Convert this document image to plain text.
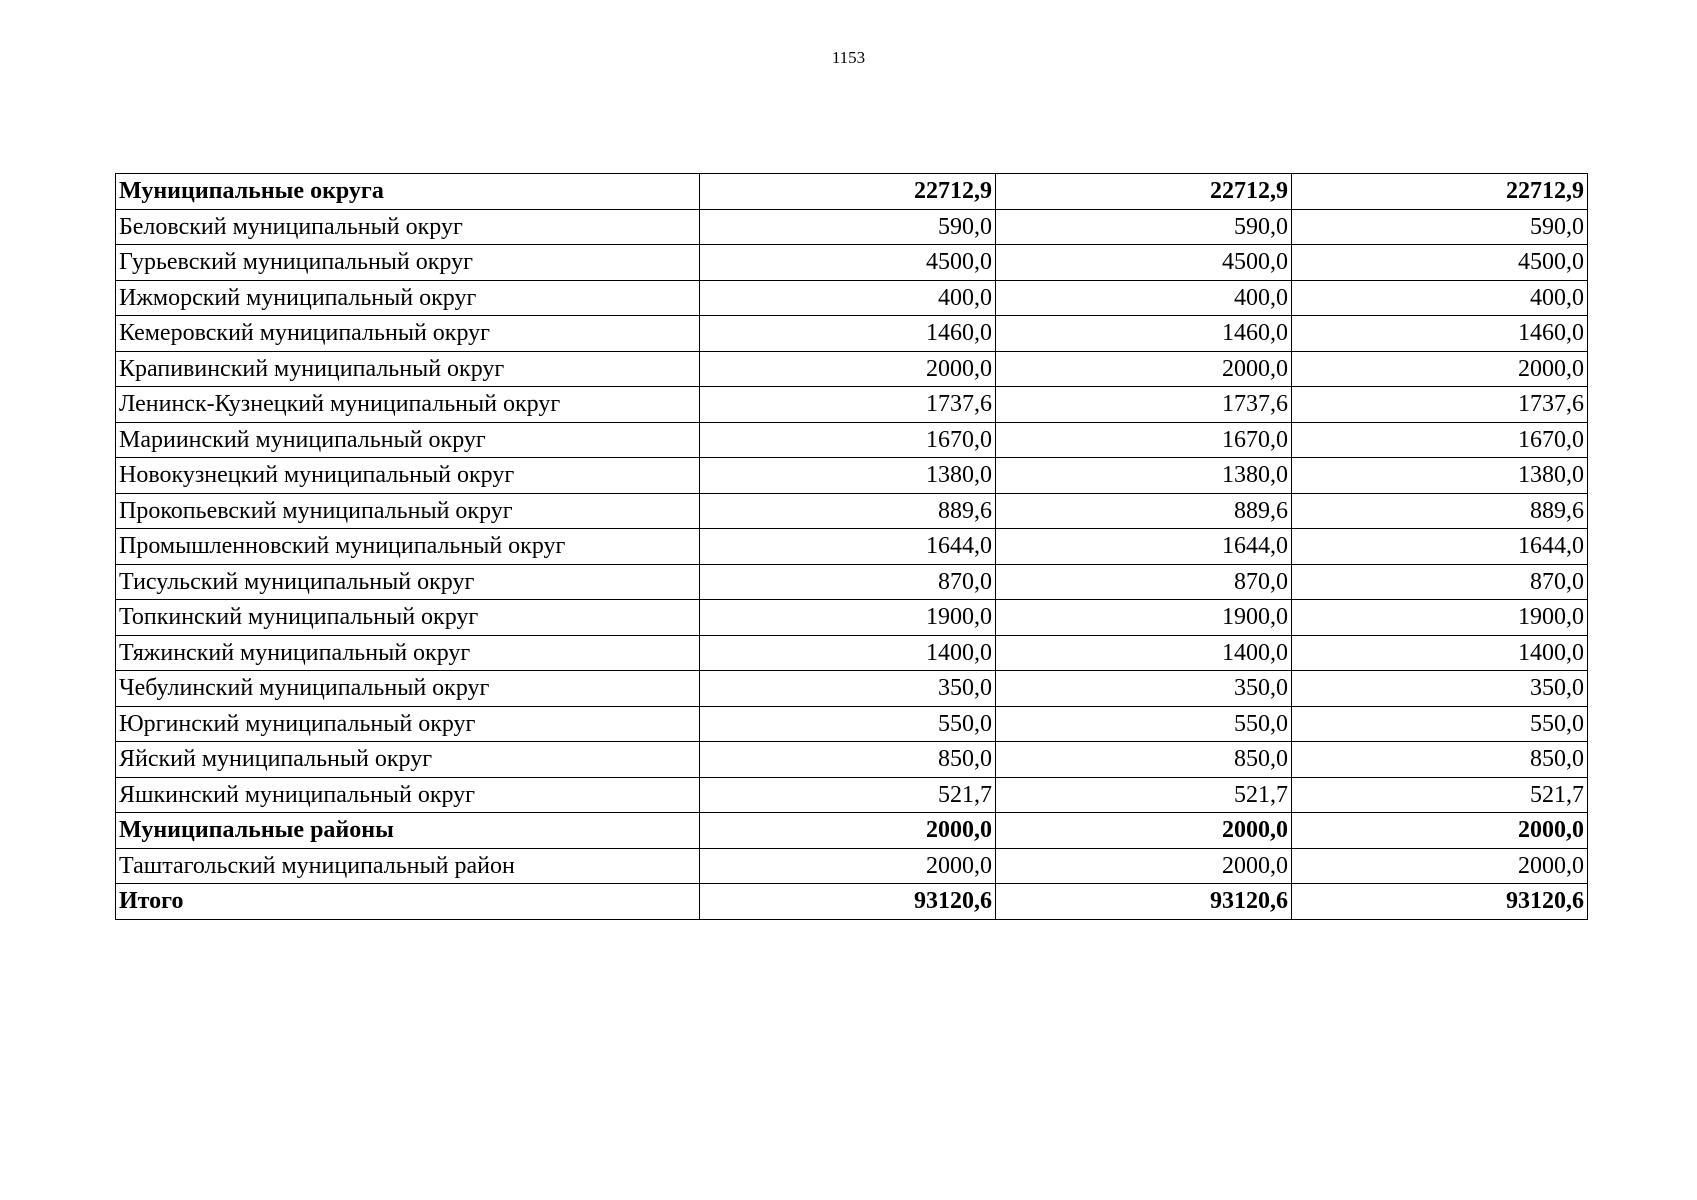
1153
Муниципальные округа	22712,9	22712,9	22712,9
Беловский муниципальный округ	590,0	590,0	590,0
Гурьевский муниципальный округ	4500,0	4500,0	4500,0
Ижморский муниципальный округ	400,0	400,0	400,0
Кемеровский муниципальный округ	1460,0	1460,0	1460,0
Крапивинский муниципальный округ	2000,0	2000,0	2000,0
Ленинск-Кузнецкий муниципальный округ	1737,6	1737,6	1737,6
Мариинский муниципальный округ	1670,0	1670,0	1670,0
Новокузнецкий муниципальный округ	1380,0	1380,0	1380,0
Прокопьевский муниципальный округ	889,6	889,6	889,6
Промышленновский муниципальный округ	1644,0	1644,0	1644,0
Тисульский муниципальный округ	870,0	870,0	870,0
Топкинский муниципальный округ	1900,0	1900,0	1900,0
Тяжинский муниципальный округ	1400,0	1400,0	1400,0
Чебулинский муниципальный округ	350,0	350,0	350,0
Юргинский муниципальный округ	550,0	550,0	550,0
Яйский муниципальный округ	850,0	850,0	850,0
Яшкинский муниципальный округ	521,7	521,7	521,7
Муниципальные районы	2000,0	2000,0	2000,0
Таштагольский муниципальный район	2000,0	2000,0	2000,0
Итого	93120,6	93120,6	93120,6
